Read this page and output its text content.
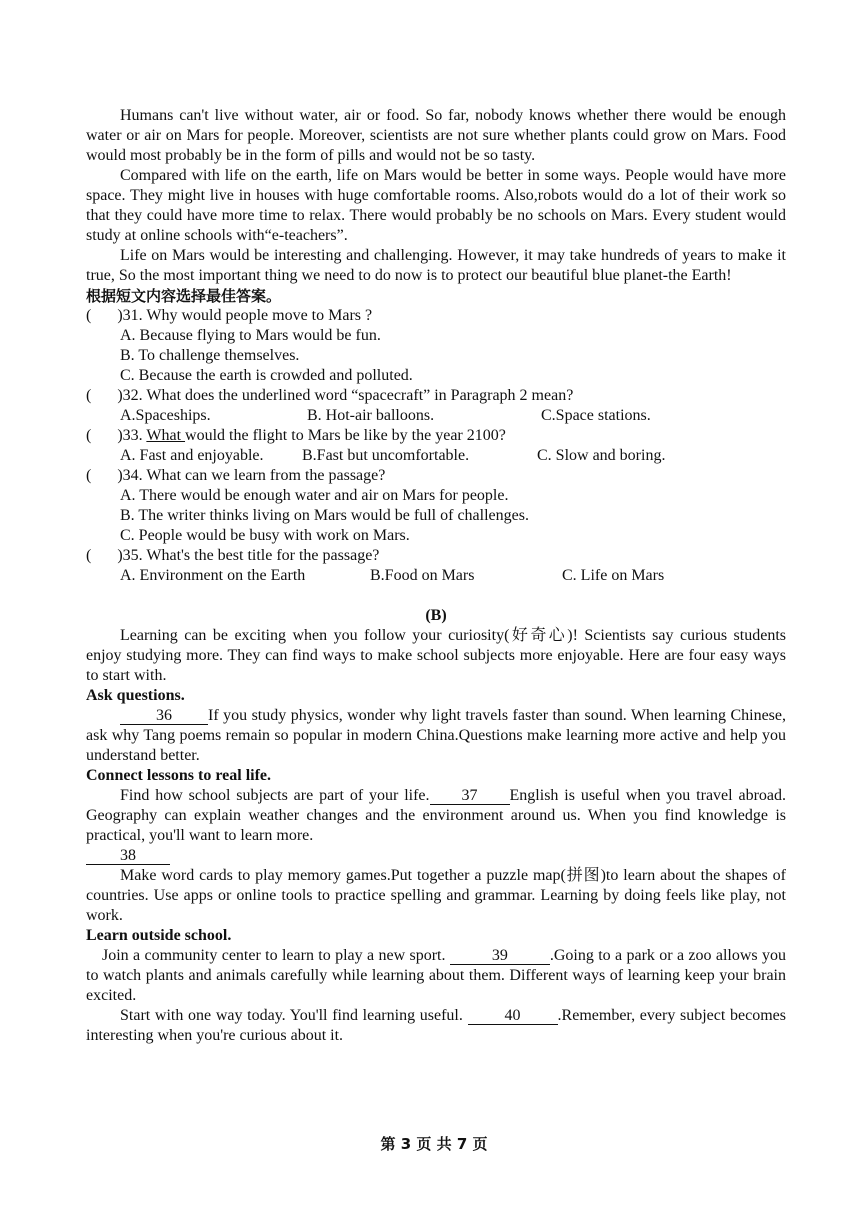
Humans can't live without water, air or food. So far, nobody knows whether there would be enough water or air on Mars for people. Moreover, scientists are not sure whether plants could grow on Mars. Food would most probably be in the form of pills and would not be so tasty.

Compared with life on the earth, life on Mars would be better in some ways. People would have more space. They might live in houses with huge comfortable rooms. Also,robots would do a lot of their work so that they could have more time to relax. There would probably be no schools on Mars. Every student would study at online schools with“e-teachers”.

Life on Mars would be interesting and challenging. However, it may take hundreds of years to make it true, So the most important thing we need to do now is to protect our beautiful blue planet-the Earth!

根据短文内容选择最佳答案。

( )31. Why would people move to Mars ?

A. Because flying to Mars would be fun.

B. To challenge themselves.

C. Because the earth is crowded and polluted.

( )32. What does the underlined word “spacecraft” in Paragraph 2 mean?

A.Spaceships.	B. Hot-air balloons.	C.Space stations.

( )33. What would the flight to Mars be like by the year 2100?

A. Fast and enjoyable. B.Fast but uncomfortable.	C. Slow and boring.

( )34. What can we learn from the passage?

A. There would be enough water and air on Mars for people.

B. The writer thinks living on Mars would be full of challenges.

C. People would be busy with work on Mars.

( )35. What's the best title for the passage?

A. Environment on the Earth	B.Food on Mars	C. Life on Mars

(B)

Learning can be exciting when you follow your curiosity(好奇心)! Scientists say curious students enjoy studying more. They can find ways to make school subjects more enjoyable. Here are four easy ways to start with.

Ask questions.

36 If you study physics, wonder why light travels faster than sound. When learning Chinese, ask why Tang poems remain so popular in modern China.Questions make learning more active and help you understand better.

Connect lessons to real life.

Find how school subjects are part of your life. 37 English is useful when you travel abroad. Geography can explain weather changes and the environment around us. When you find knowledge is practical, you'll want to learn more.

38

Make word cards to play memory games.Put together a puzzle map(拼图)to learn about the shapes of countries. Use apps or online tools to practice spelling and grammar. Learning by doing feels like play, not work.

Learn outside school.

Join a community center to learn to play a new sport.	39	.Going to a park or a zoo allows you to watch plants and animals carefully while learning about them. Different ways of learning keep your brain excited.

Start with one way today. You'll find learning useful.	40 .Remember, every subject becomes interesting when you're curious about it.

第 3 页 共 7 页
